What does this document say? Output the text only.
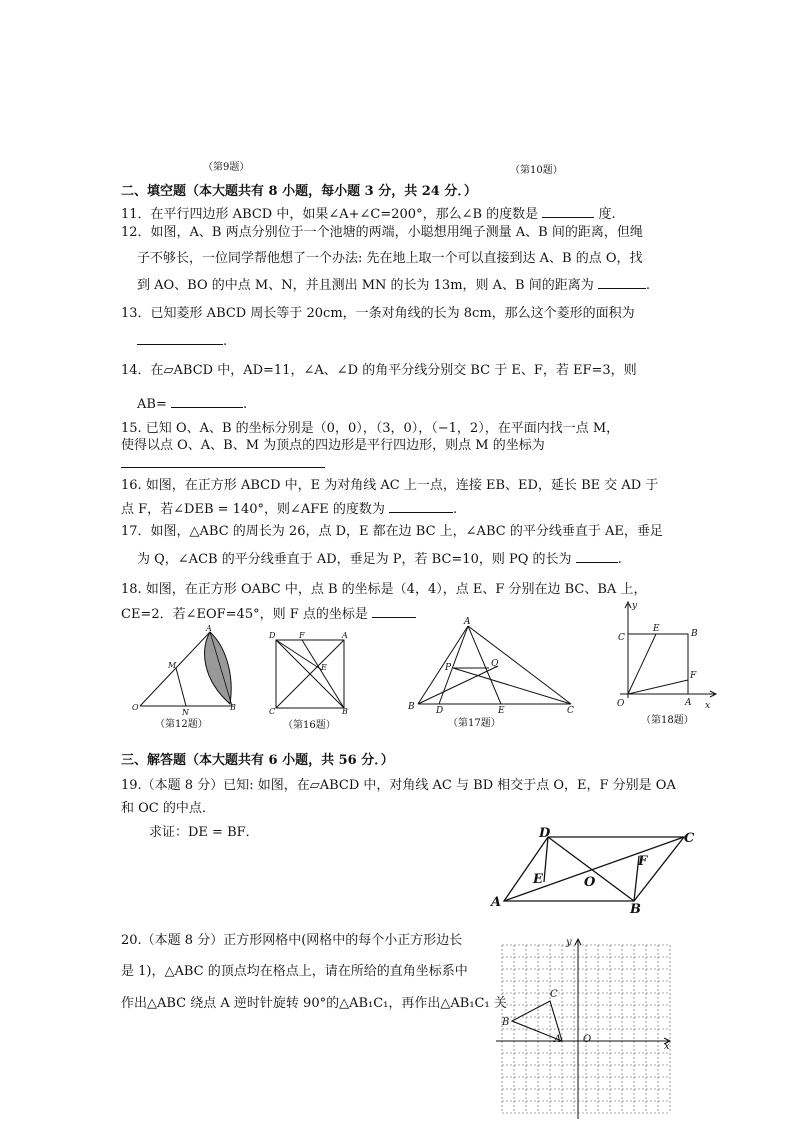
（第9题）	（第10题）
二、填空题（本大题共有 8 小题，每小题 3 分，共 24 分．）
11．在平行四边形 ABCD 中，如果∠A+∠C=200°，那么∠B 的度数是	度.
12．如图，A、B 两点分别位于一个池塘的两端，小聪想用绳子测量 A、B 间的距离，但绳
子不够长，一位同学帮他想了一个办法: 先在地上取一个可以直接到达 A、B 的点 O，找
到 AO、BO 的中点 M、N，并且测出 MN 的长为 13m，则 A、B 间的距离为	.
13．已知菱形 ABCD 周长等于 20cm，一条对角线的长为 8cm，那么这个菱形的面积为
.
14．在▱ABCD 中，AD=11，∠A、∠D 的角平分线分别交 BC 于 E、F，若 EF=3，则
AB=	.
15. 已知 O、A、B 的坐标分别是（0，0），（3，0），（−1，2），在平面内找一点 M，
使得以点 O、A、B、M 为顶点的四边形是平行四边形，则点 M 的坐标为
16. 如图，在正方形 ABCD 中，E 为对角线 AC 上一点，连接 EB、ED，延长 BE 交 AD 于
点 F，若∠DEB = 140°，则∠AFE 的度数为	.
17．如图，△ABC 的周长为 26，点 D，E 都在边 BC 上，∠ABC 的平分线垂直于 AE，垂足
为 Q，∠ACB 的平分线垂直于 AD，垂足为 P，若 BC=10，则 PQ 的长为	.
18. 如图，在正方形 OABC 中，点 B 的坐标是（4，4），点 E、F 分别在边 BC、BA 上，
CE=2．若∠EOF=45°，则 F 点的坐标是
A
M
O
N
B
（第12题）
D	F	A
E
C	B
（第16题）
A
P	Q
B D	E	C
（第17题）
y
C
E	B
F
O	A x
（第18题）
三、解答题（本大题共有 6 小题，共 56 分．）
19.（本题 8 分）已知: 如图，在▱ABCD 中，对角线 AC 与 BD 相交于点 O，E，F 分别是 OA
和 OC 的中点．
求证：DE = BF．	D	C
E	O
F
A	B
20.（本题 8 分）正方形网格中(网格中的每个小正方形边长
是 1)，△ABC 的顶点均在格点上，请在所给的直角坐标系中
作出△ABC 绕点 A 逆时针旋转 90°的△AB₁C₁，再作出△AB₁C₁ 关
y
C
B
A O
x
